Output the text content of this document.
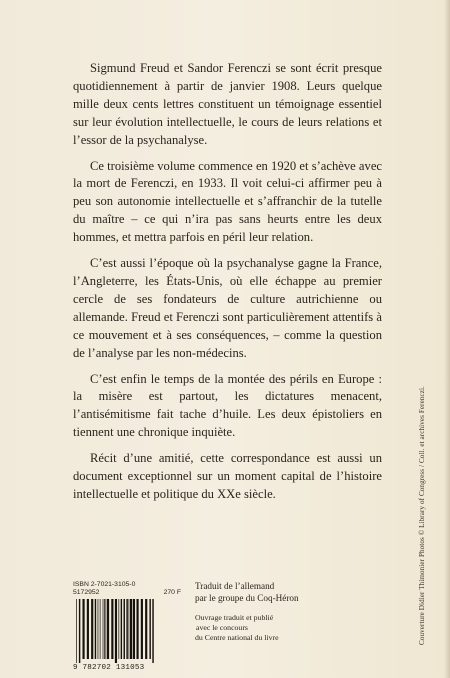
Sigmund Freud et Sandor Ferenczi se sont écrit presque quotidiennement à partir de janvier 1908. Leurs quelque mille deux cents lettres constituent un témoignage essentiel sur leur évolution intellectuelle, le cours de leurs relations et l’essor de la psychanalyse.

Ce troisième volume commence en 1920 et s’achève avec la mort de Ferenczi, en 1933. Il voit celui-ci affirmer peu à peu son autonomie intellectuelle et s’affranchir de la tutelle du maître – ce qui n’ira pas sans heurts entre les deux hommes, et mettra parfois en péril leur relation.

C’est aussi l’époque où la psychanalyse gagne la France, l’Angleterre, les États-Unis, où elle échappe au premier cercle de ses fondateurs de culture autrichienne ou allemande. Freud et Ferenczi sont particulièrement attentifs à ce mouvement et à ses conséquences, – comme la question de l’analyse par les non-médecins.

C’est enfin le temps de la montée des périls en Europe : la misère est partout, les dictatures menacent, l’antisémitisme fait tache d’huile. Les deux épistoliers en tiennent une chronique inquiète.

Récit d’une amitié, cette correspondance est aussi un document exceptionnel sur un moment capital de l’histoire intellectuelle et politique du XXe siècle.	Couverture Didier Thimonier Photos © Library of Congress / Coll. et archives Ferenczi.
ISBN 2-7021-3105-0
5172952	270 F
9 782702 131053
Traduit de l’allemand
par le groupe du Coq-Héron
Ouvrage traduit et publié
avec le concours
du Centre national du livre
